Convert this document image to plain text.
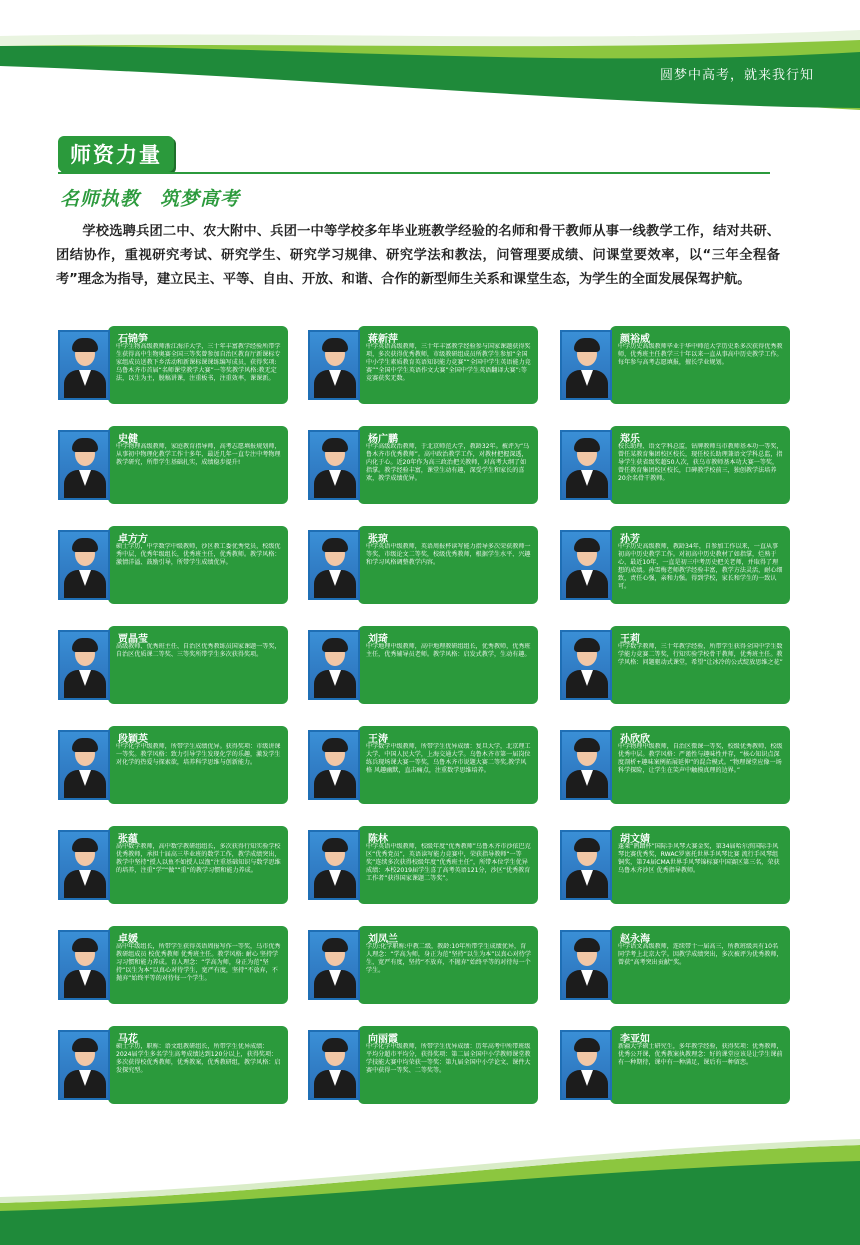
圆梦中高考，就来我行知
师资力量
名师执教　筑梦高考
学校选聘兵团二中、农大附中、兵团一中等学校多年毕业班教学经验的名师和骨干教师从事一线教学工作，结对共研、团结协作，重视研究考试、研究学生、研究学习规律、研究学法和教法，问管理要成绩、问课堂要效率，以“三年全程备考”理念为指导，建立民主、平等、自由、开放、和谐、合作的新型师生关系和课堂生态，为学生的全面发展保驾护航。
石锦笋
中学生物高级教师浙江海洋大学，三十年丰富教学经验所带学生获得高中生物奥赛全国三等奖曾参加自治区教育厅新课标专家组成员送教下乡活动和新课标课课练编写成员，获得奖项:乌鲁木齐市首届“名师课堂教学大赛”一等奖教学风格:教无定法，以生为主，脱稿讲课，注重板书，注重效率，课课新。
蒋新萍
中学英语高级教师，三十年丰富教学经验参与国家课题获得奖项，多次获得优秀教师，市级教研组成员所教学生参加“全国中小学生素质教育英语知识能力竞赛”“全国中学生英语能力竞赛”“全国中学生英语作文大赛”全国中学生英语翻译大赛”:等竞赛获奖无数。
颜裕威
中学历史高级教师毕业于华中师范大学历史系多次获得优秀教师，优秀班主任教学三十年以来一直从事高中历史教学工作。每年参与高考志愿填报，擅长学业规划。
史健
中学物理高级教师，家庭教育指导师，高考志愿填报规划师，从事初中物理化教学工作十多年，最近几年一直专注中考物理教学研究，所带学生基础扎实，成绩稳步提升!
杨广鹏
中学高级政治教师，于北京师范大学，教龄32年。被评为“乌鲁木齐市优秀教师”。高中政治教学工作，对教材把握深透，内化于心。近20年作为高三政治把关教师，对高考大纲了如指掌。教学经验丰富，课堂生动有趣，深受学生和家长的喜欢，教学成绩优异。
郑乐
校长助理、语文学科总监，钻牌教师乌市教师基本功一等奖，曾任某教育集团校区校长，现任校长助理兼语文学科总监，指导学生获省级奖超50人次，获乌市教师基本功大赛一等奖，曾任教育集团校区校长，口碑教学校前三，独创教学法培养20余名骨干教师。
卓方方
硕士学历，中学数学中级教师，沙区教工委优秀党员，校级优秀中层，优秀年级组长，优秀班主任，优秀教师。教学风格：激情洋溢、鼓励引导，所带学生成绩优异。
张琼
中学英语中级教师，英语周报杯读写能力指导多次荣获教师一等奖，市级论文二等奖，校级优秀教师，根据学生水平、兴趣和学习风格调整教学内容。
孙芳
中学历史高级教师，教龄34年，自参加工作以来，一直从事初高中历史教学工作。对初高中历史教材了如指掌，烂熟于心，最近10年，一直是初三中考历史把关老师，并取得了理想的成绩。孙雪梅老师教学经验丰富，教学方法灵活，耐心细致，责任心强，亲和力强。得到学校，家长和学生的一致认可。
贾晶莹
高级教师、优秀班主任、自治区优秀教练员国家课题一等奖，自治区优质课二等奖、三等奖所带学生多次获得奖项。
刘琦
中学地理中级教师，高中地理教研组组长，优秀教师，优秀班主任，优秀辅导员老师。教学风格：启发式教学，生动有趣。
王莉
中学数学教师，三十年教学经验，所带学生获得全国中学生数学能力竞赛二等奖，行知实验学校骨干教师，优秀班主任。教学风格：问题驱动式课堂，希望“让冰冷的公式绽放思维之花”
段颖英
中学化学中级教师，所带学生成绩优异。获得奖项：市级讲课一等奖。教学风格：致力引导学生发现化学的乐趣，激发学生对化学的热爱与探索欲，培养科学思维与创新能力。
王涛
中学数学中级教师，所带学生优异成绩：复旦大学，北京理工大学，中国人民大学，上海交通大学。乌鲁木齐市第一届岗位练兵现场课大赛一等奖，乌鲁木齐市说题大赛二等奖,教学风格 风趣幽默，直击痛点，注重数学思维培养。
孙欣欣
中学物理中级教师，自治区微课一等奖，校级优秀教师，校级优秀中层。教学风格：严谨性与趣味性并存，“核心知识点深度剖析+趣味案例拓展延伸”的混合模式。“物理课堂应像一场科学探险，让学生在笑声中触摸真理的边界。”
张蕴
高中数学教师，高中数学教研组组长，多次获得行知实验学校优秀教师，承担十届高三毕业班的数学工作，教学成绩突出，教学中坚持“授人以鱼不如授人以渔”注重基础知识与数学思维的培养，注重“学”“做”“重”的教学习惯和能力养成。
陈林
中学英语中级教师，校级年度“优秀教师”乌鲁木齐市沙依巴克区“优秀党员”，英语读写能力竞赛中，荣获指导教师“一等奖”连续多次获得校级年度“优秀班主任”，所带本位学生优异成绩：本校2019届学生喜了高考英语121分，沙区“优秀教育工作者”获得国家课题二等奖”。
胡文婧
蓬莱“鹊蹭杯”国际手风琴大赛金奖，第34届哈尔滨国际手风琴比赛优秀奖，RWAC罗塞托世界手风琴比赛 流行手风琴组 铜奖，第74届CMA世界手风琴锦标赛中国赛区第三名，荣获乌鲁木齐沙区 优秀指导教师。
卓媛
高中年级组长，所带学生获得英语周报写作一等奖，乌市优秀教研组成员 校优秀教师 优秀班主任。教学风格: 耐心 坚持学习习惯和能力养成。育人理念：“学高为师，身正为范”坚持“以生为本”以真心对待学生，宽严有度，坚持“不放弃，不抛弃”始终平等的对待每一个学生。
刘凤兰
学历:化学职称:中教二级，教龄:10年所带学生成绩优异，育人理念：“学高为师，身正为范”坚持“以生为本”以真心对待学生，宽严有度，坚持“不放弃，不抛弃”始终平等的对待每一个学生。
赵永海
中学语文高级教师，连续带十一届高三，所教班级共有10名同学考上北京大学。因教学成绩突出，多次被评为优秀教师，曾获”高考突出贡献”奖。
马花
硕士学历，职称：语文组教研组长，所带学生优异成绩：2024届学生多名学生高考成绩达到120分以上，获得奖项：多次获得校优秀教师，优秀教案，优秀教研组，教学风格：启发探究型。
向丽霞
中学化学中级教师，所带学生优异成绩：历年高考中所带班级平均分超市平均分，获得奖项：第二届全国中小学教师课堂教学技能大赛中均荣获一等奖：第九届全国中小学论文、课件大赛中获得一等奖、二等奖等。
李亚如
新疆大学硕士研究生，多年教学经验，获得奖项：优秀教师，优秀公开课，优秀教案执教理念：好的课堂应该是让学生课前有一种期待，课中有一种满足，课后有一种留恋。
